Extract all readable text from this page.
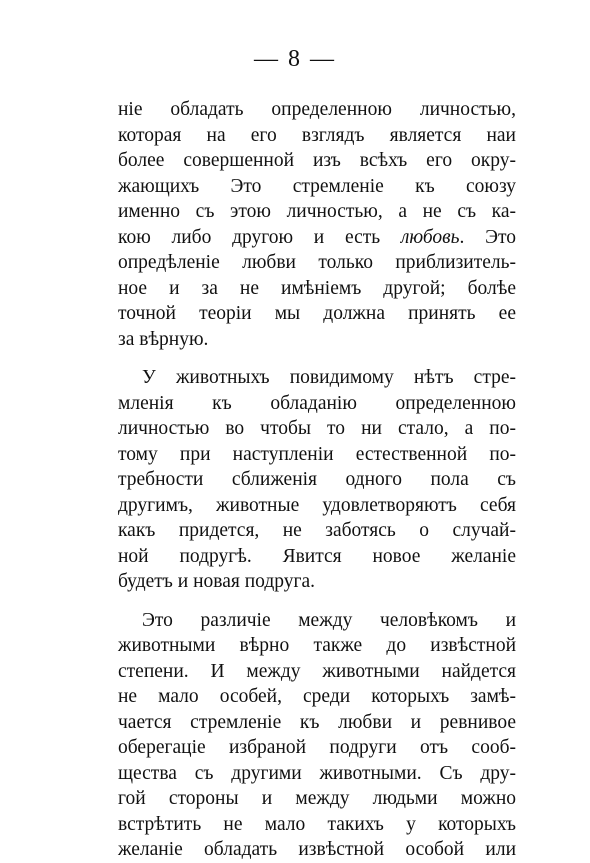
— 8 —

ніе обладать определенною личностью,
которая на его взглядъ является наи
более совершенной изъ всѣхъ его окру-
жающихъ Это стремленіе къ союзу
именно съ этою личностью, а не съ ка-
кою либо другою и есть любовь. Это
опредѣленіе любви только приблизитель-
ное и за не имѣніемъ другой; болѣе
точной теоріи мы должна принять ее
за вѣрную.

У животныхъ повидимому нѣтъ стре-
мленія къ обладанію определенною
личностью во чтобы то ни стало, а по-
тому при наступленіи естественной по-
требности сближенія одного пола съ
другимъ, животные удовлетворяютъ себя
какъ придется, не заботясь о случай-
ной подругѣ. Явится новое желаніе
будетъ и новая подруга.

Это различіе между человѣкомъ и
животными вѣрно также до извѣстной
степени. И между животными найдется
не мало особей, среди которыхъ замѣ-
чается стремленіе къ любви и ревнивое
оберегаціе избраной подруги отъ сооб-
щества съ другими животными. Съ дру-
гой стороны и между людьми можно
встрѣтить не мало такихъ у которыхъ
желаніе обладать извѣстной особой или
